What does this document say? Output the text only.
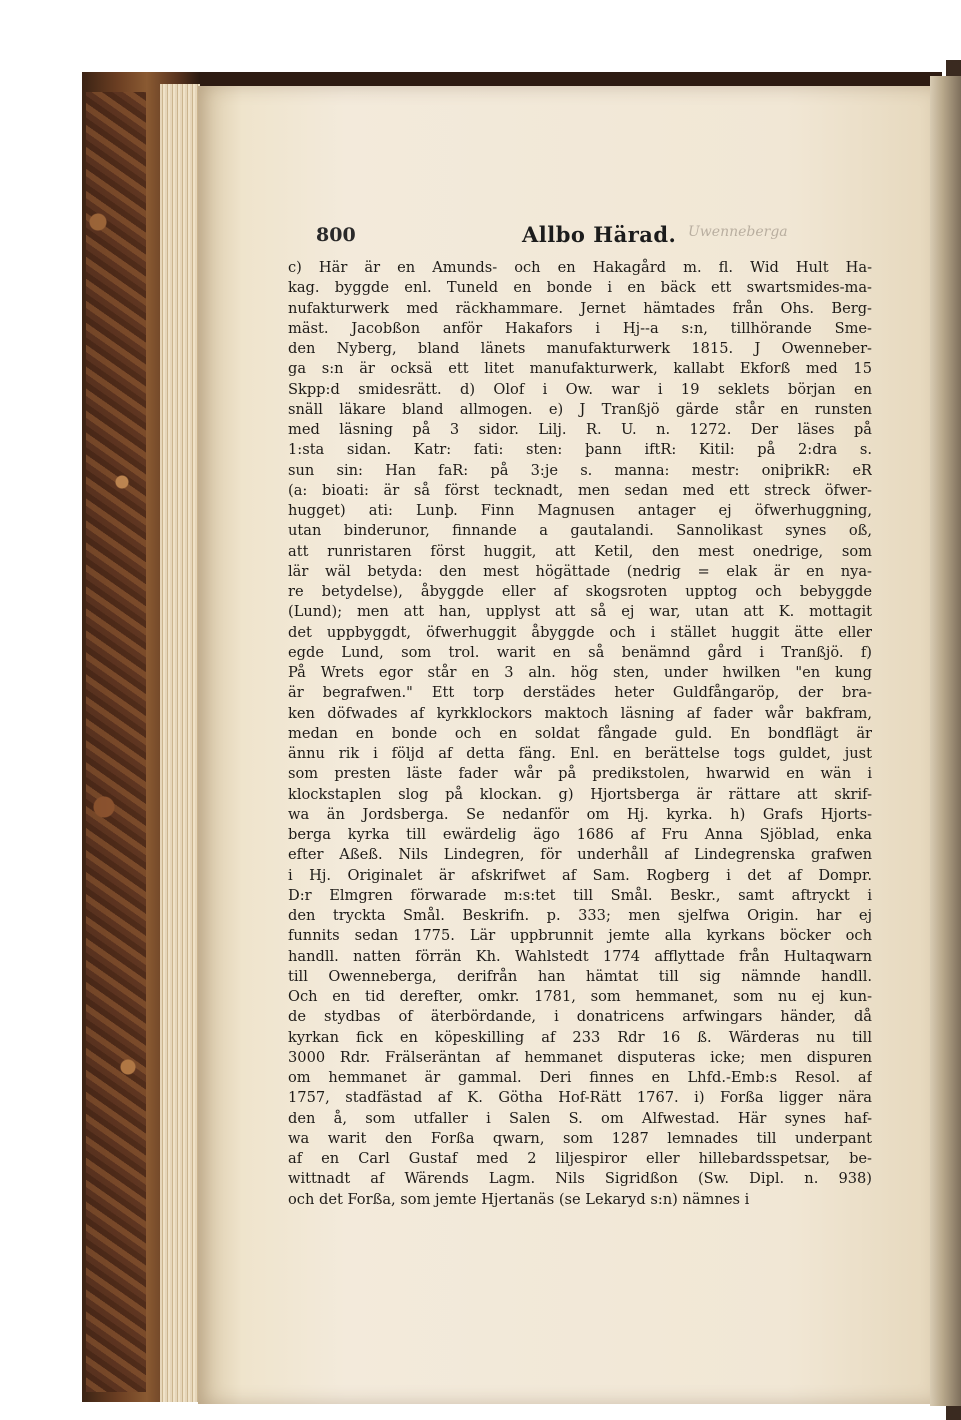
800	Allbo Härad. Uwenneberga
c) Här är en Amunds- och en Hakagård m. fl. Wid Hult Ha-
kag. byggde enl. Tuneld en bonde i en bäck ett swartsmides-ma-
nufakturwerk med räckhammare. Jernet hämtades från Ohs. Berg-
mäst. Jacobßon anför Hakafors i Hj--a s:n, tillhörande Sme-
den Nyberg, bland länets manufakturwerk 1815. J Owenneber-
ga s:n är ocksä ett litet manufakturwerk, kallabt Ekforß med 15
Skpp:d smidesrätt. d) Olof i Ow. war i 19 seklets början en
snäll läkare bland allmogen. e) J Tranßjö gärde står en runsten
med läsning på 3 sidor. Lilj. R. U. n. 1272. Der läses på
1:sta sidan. Katr: fati: sten: þann iftR: Kitil: på 2:dra s.
sun sin: Han faR: på 3:je s. manna: mestr: oniþrikR: eR
(a: bioati: är så först tecknadt, men sedan med ett streck öfwer-
hugget) ati: Lunþ. Finn Magnusen antager ej öfwerhuggning,
utan binderunor, finnande a gautalandi. Sannolikast synes oß,
att runristaren först huggit, att Ketil, den mest onedrige, som
lär wäl betyda: den mest högättade (nedrig = elak är en nya-
re betydelse), åbyggde eller af skogsroten upptog och bebyggde
(Lund); men att han, upplyst att så ej war, utan att K. mottagit
det uppbyggdt, öfwerhuggit åbyggde och i stället huggit ätte eller
egde Lund, som trol. warit en så benämnd gård i Tranßjö. f)
På Wrets egor står en 3 aln. hög sten, under hwilken "en kung
är begrafwen." Ett torp derstädes heter Guldfångaröр, der bra-
ken döfwades af kyrkklockors maktoch läsning af fader wår bakfram,
medan en bonde och en soldat fångade guld. En bondflägt är
ännu rik i följd af detta fäng. Enl. en berättelse togs guldet, just
som presten läste fader wår på predikstolen, hwarwid en wän i
klockstaplen slog på klockan. g) Hjortsberga är rättare att skrif-
wa än Jordsberga. Se nedanför om Hj. kyrka. h) Grafs Hjorts-
berga kyrka till ewärdelig ägo 1686 af Fru Anna Sjöblad, enka
efter Aßeß. Nils Lindegren, för underhåll af Lindegrenska grafwen
i Hj. Originalet är afskrifwet af Sam. Rogberg i det af Dompr.
D:r Elmgren förwarade m:s:tet till Smål. Beskr., samt aftryckt i
den tryckta Smål. Beskrifn. p. 333; men sjelfwa Origin. har ej
funnits sedan 1775. Lär uppbrunnit jemte alla kyrkans böcker och
handll. natten förrän Kh. Wahlstedt 1774 afflyttade från Hultaqwarn
till Owenneberga, derifrån han hämtat till sig nämnde handll.
Och en tid derefter, omkr. 1781, som hemmanet, som nu ej kun-
de stydbas of äterbördande, i donatricens arfwingars händer, då
kyrkan fick en köpeskilling af 233 Rdr 16 ß. Wärderas nu till
3000 Rdr. Frälseräntan af hemmanet disputeras icke; men dispuren
om hemmanet är gammal. Deri finnes en Lhfd.-Emb:s Resol. af
1757, stadfästad af K. Götha Hof-Rätt 1767. i) Forßa ligger nära
den å, som utfaller i Salen S. om Alfwestad. Här synes haf-
wa warit den Forßa qwarn, som 1287 lemnades till underpant
af en Carl Gustaf med 2 liljespiror eller hillebardsspetsar, be-
wittnadt af Wärends Lagm. Nils Sigridßon (Sw. Dipl. n. 938)
och det Forßa, som jemte Hjertanäs (se Lekaryd s:n) nämnes i
